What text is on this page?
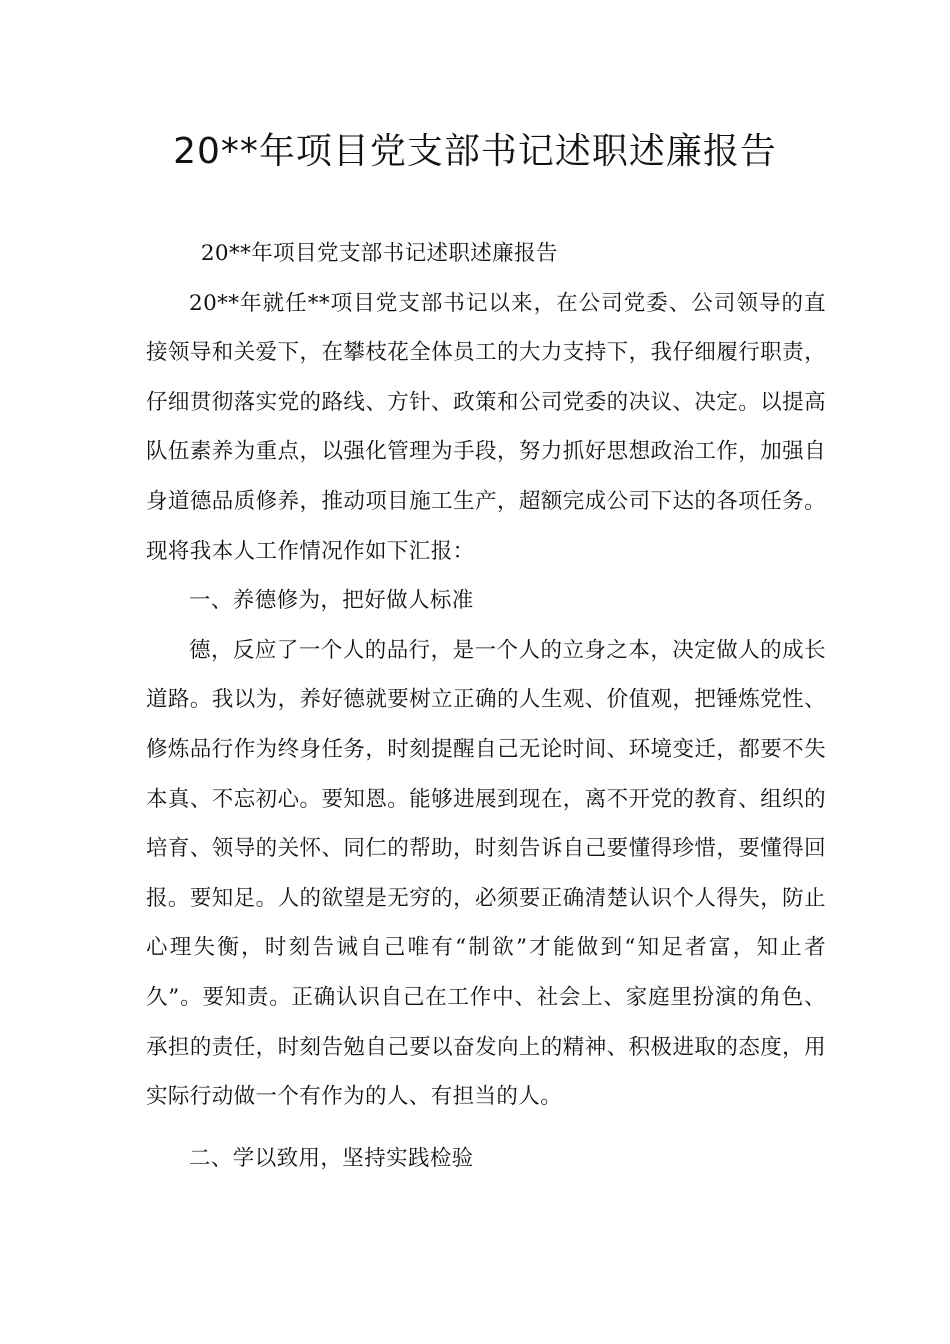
20**年项目党支部书记述职述廉报告

20**年项目党支部书记述职述廉报告

20**年就任**项目党支部书记以来，在公司党委、公司领导的直接领导和关爱下，在攀枝花全体员工的大力支持下，我仔细履行职责，仔细贯彻落实党的路线、方针、政策和公司党委的决议、决定。以提高队伍素养为重点，以强化管理为手段，努力抓好思想政治工作，加强自身道德品质修养，推动项目施工生产，超额完成公司下达的各项任务。现将我本人工作情况作如下汇报：

一、养德修为，把好做人标准

德，反应了一个人的品行，是一个人的立身之本，决定做人的成长道路。我以为，养好德就要树立正确的人生观、价值观，把锤炼党性、修炼品行作为终身任务，时刻提醒自己无论时间、环境变迁，都要不失本真、不忘初心。要知恩。能够进展到现在，离不开党的教育、组织的培育、领导的关怀、同仁的帮助，时刻告诉自己要懂得珍惜，要懂得回报。要知足。人的欲望是无穷的，必须要正确清楚认识个人得失，防止心理失衡，时刻告诫自己唯有“制欲”才能做到“知足者富，知止者久”。要知责。正确认识自己在工作中、社会上、家庭里扮演的角色、承担的责任，时刻告勉自己要以奋发向上的精神、积极进取的态度，用实际行动做一个有作为的人、有担当的人。

二、学以致用，坚持实践检验
